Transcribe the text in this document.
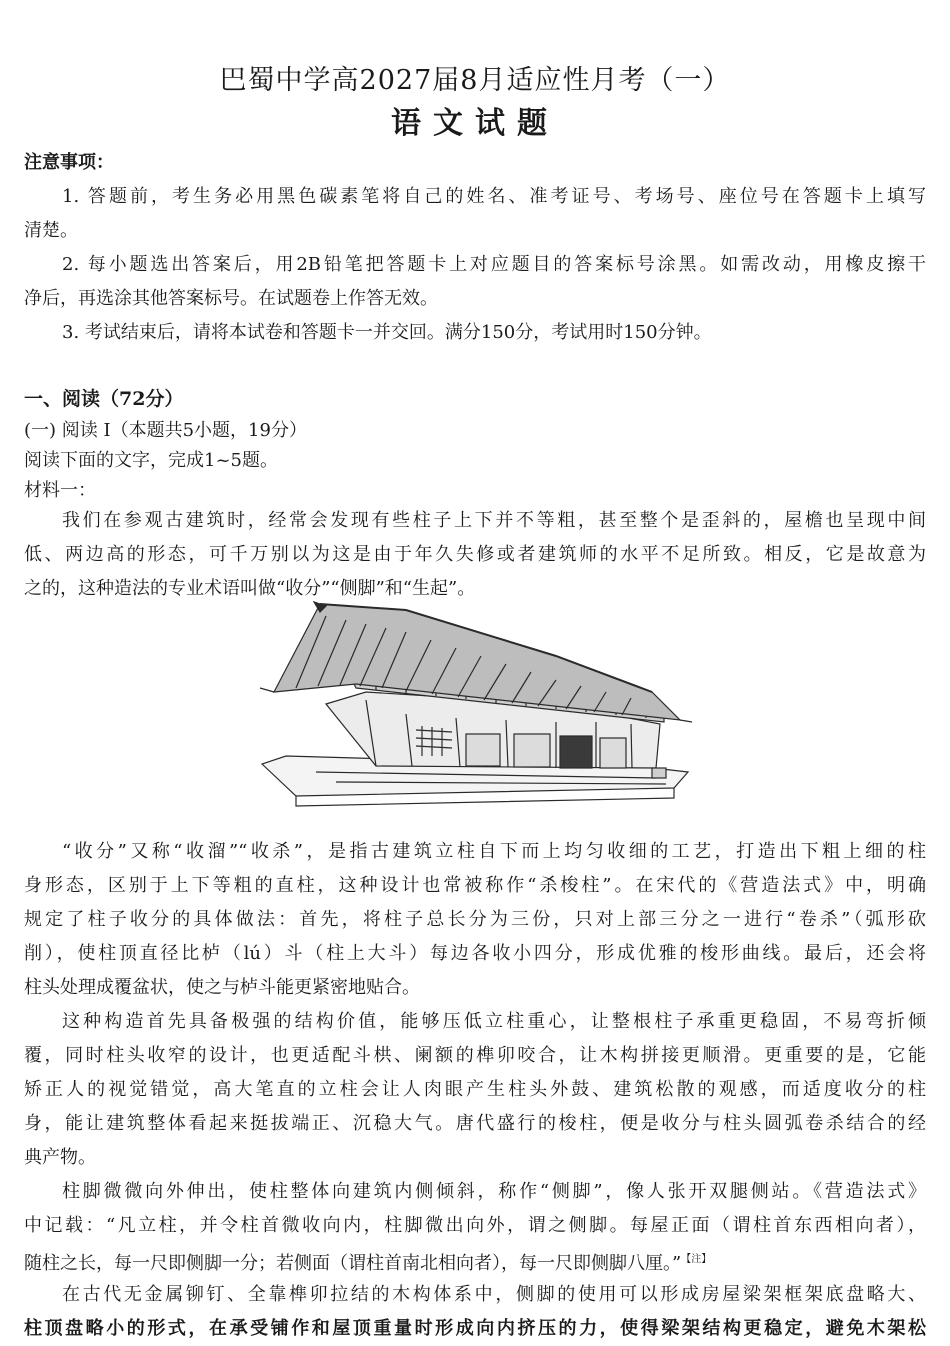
巴蜀中学高2027届8月适应性月考（一）
语文试题
注意事项：
1. 答题前，考生务必用黑色碳素笔将自己的姓名、准考证号、考场号、座位号在答题卡上填写
清楚。
2. 每小题选出答案后，用2B铅笔把答题卡上对应题目的答案标号涂黑。如需改动，用橡皮擦干
净后，再选涂其他答案标号。在试题卷上作答无效。
3. 考试结束后，请将本试卷和答题卡一并交回。满分150分，考试用时150分钟。
一、阅读（72分）
(一) 阅读 I（本题共5小题，19分）
阅读下面的文字，完成1~5题。
材料一：
我们在参观古建筑时，经常会发现有些柱子上下并不等粗，甚至整个是歪斜的，屋檐也呈现中间
低、两边高的形态，可千万别以为这是由于年久失修或者建筑师的水平不足所致。相反，它是故意为
之的，这种造法的专业术语叫做“收分”“侧脚”和“生起”。
“收分”又称“收溜”“收杀”，是指古建筑立柱自下而上均匀收细的工艺，打造出下粗上细的柱
身形态，区别于上下等粗的直柱，这种设计也常被称作“杀梭柱”。在宋代的《营造法式》中，明确
规定了柱子收分的具体做法：首先，将柱子总长分为三份，只对上部三分之一进行“卷杀”（弧形砍
削），使柱顶直径比栌（lú）斗（柱上大斗）每边各收小四分，形成优雅的梭形曲线。最后，还会将
柱头处理成覆盆状，使之与栌斗能更紧密地贴合。
这种构造首先具备极强的结构价值，能够压低立柱重心，让整根柱子承重更稳固，不易弯折倾
覆，同时柱头收窄的设计，也更适配斗栱、阑额的榫卯咬合，让木构拼接更顺滑。更重要的是，它能
矫正人的视觉错觉，高大笔直的立柱会让人肉眼产生柱头外鼓、建筑松散的观感，而适度收分的柱
身，能让建筑整体看起来挺拔端正、沉稳大气。唐代盛行的梭柱，便是收分与柱头圆弧卷杀结合的经
典产物。
柱脚微微向外伸出，使柱整体向建筑内侧倾斜，称作“侧脚”，像人张开双腿侧站。《营造法式》
中记载：“凡立柱，并令柱首微收向内，柱脚微出向外，谓之侧脚。每屋正面（谓柱首东西相向者），
随柱之长，每一尺即侧脚一分；若侧面（谓柱首南北相向者），每一尺即侧脚八厘。”$^{【注】}$
在古代无金属铆钉、全靠榫卯拉结的木构体系中，侧脚的使用可以形成房屋梁架框架底盘略大、
柱顶盘略小的形式，在承受铺作和屋顶重量时形成向内挤压的力，使得梁架结构更稳定，避免木架松
